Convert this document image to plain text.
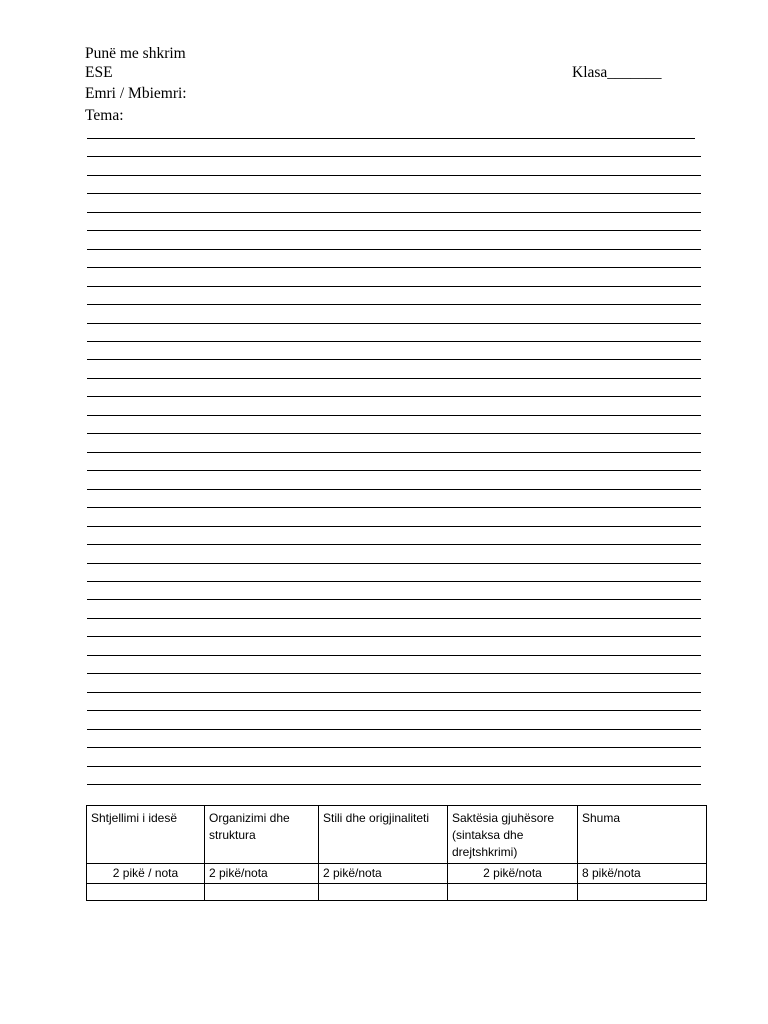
Punë me shkrim
ESE	Klasa_______
Emri / Mbiemri:
Tema:
Shtjellimi i idesë	Organizimi dhe struktura	Stili dhe origjinaliteti	Saktësia gjuhësore (sintaksa dhe drejtshkrimi)	Shuma
2 pikë / nota	2 pikë/nota	2 pikë/nota	2 pikë/nota	8 pikë/nota
